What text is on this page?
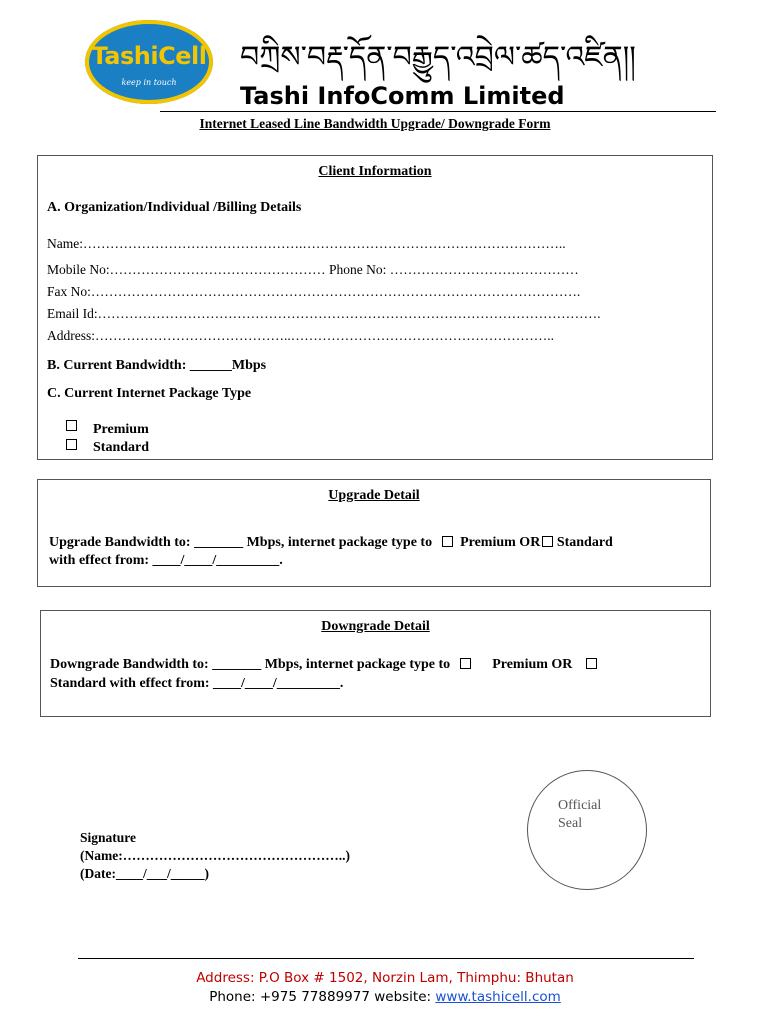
TashiCell
keep in touch
བཀྲིས་བརྡ་དོན་བརྒྱུད་འབྲེལ་ཚད་འཛིན།།
Tashi InfoComm Limited
Internet Leased Line Bandwidth Upgrade/ Downgrade Form
Client Information
A. Organization/Individual /Billing Details
Name:………………………………………….…………………………………………………..
Mobile No:………………………………………… Phone No: ……………………………………
Fax No:……………………………………………………………………………………………….
Email Id:………………………………………………………………………………………………….
Address:……………………………………..…………………………………………………..
B. Current Bandwidth: ______Mbps
C. Current Internet Package Type
Premium
Standard
Upgrade Detail
Upgrade Bandwidth to: _______ Mbps, internet package type to Premium OR Standard
with effect from: ____/____/_________.
Downgrade Detail
Downgrade Bandwidth to: _______ Mbps, internet package type to	Premium OR
Standard with effect from: ____/____/_________.
Official
Seal
Signature
(Name:…………………………………………..)
(Date:____/___/_____)
Address: P.O Box # 1502, Norzin Lam, Thimphu: Bhutan
Phone: +975 77889977 website: www.tashicell.com
